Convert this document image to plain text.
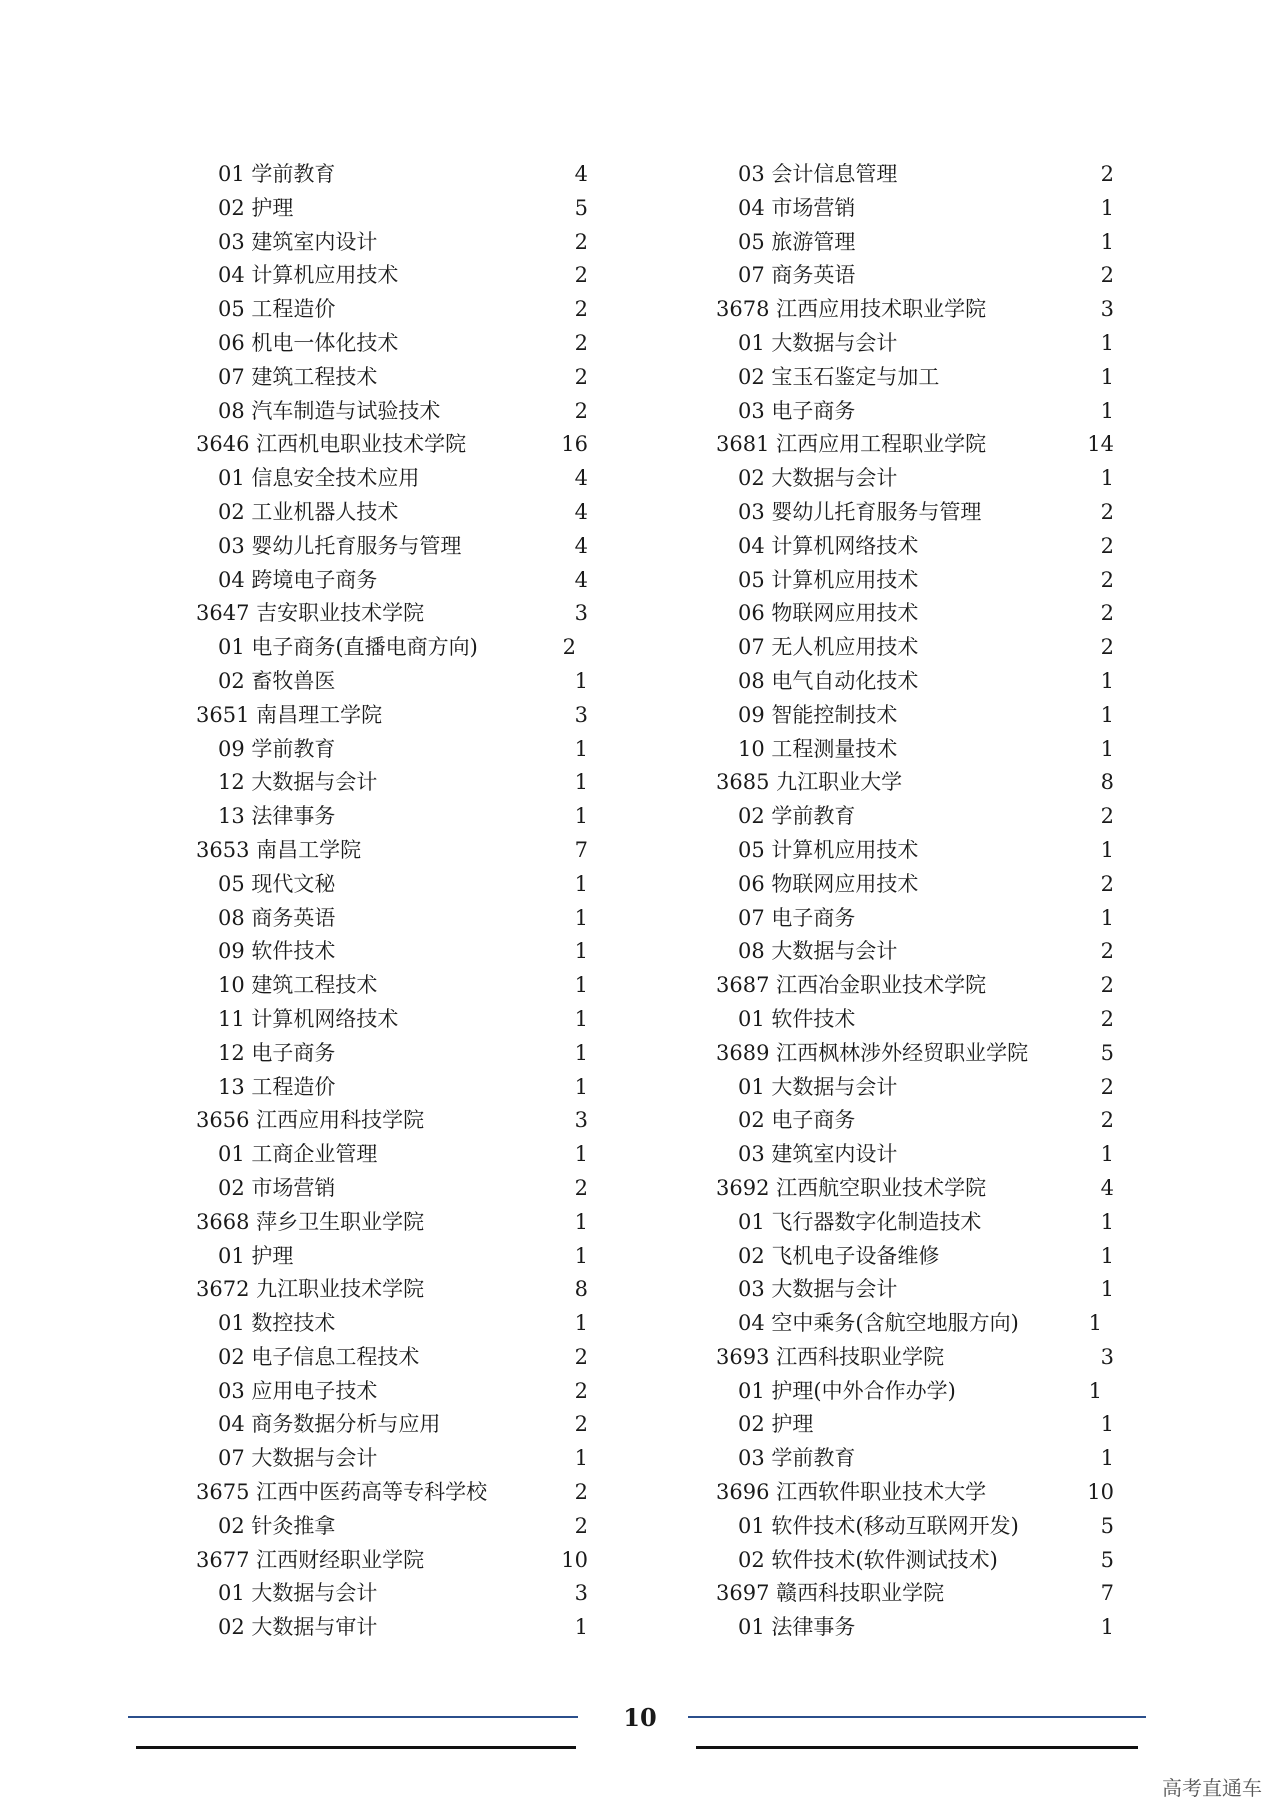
01 学前教育	4
02 护理	5
03 建筑室内设计	2
04 计算机应用技术	2
05 工程造价	2
06 机电一体化技术	2
07 建筑工程技术	2
08 汽车制造与试验技术	2
3646 江西机电职业技术学院	16
01 信息安全技术应用	4
02 工业机器人技术	4
03 婴幼儿托育服务与管理	4
04 跨境电子商务	4
3647 吉安职业技术学院	3
01 电子商务(直播电商方向)	2
02 畜牧兽医	1
3651 南昌理工学院	3
09 学前教育	1
12 大数据与会计	1
13 法律事务	1
3653 南昌工学院	7
05 现代文秘	1
08 商务英语	1
09 软件技术	1
10 建筑工程技术	1
11 计算机网络技术	1
12 电子商务	1
13 工程造价	1
3656 江西应用科技学院	3
01 工商企业管理	1
02 市场营销	2
3668 萍乡卫生职业学院	1
01 护理	1
3672 九江职业技术学院	8
01 数控技术	1
02 电子信息工程技术	2
03 应用电子技术	2
04 商务数据分析与应用	2
07 大数据与会计	1
3675 江西中医药高等专科学校	2
02 针灸推拿	2
3677 江西财经职业学院	10
01 大数据与会计	3
02 大数据与审计	1
03 会计信息管理	2
04 市场营销	1
05 旅游管理	1
07 商务英语	2
3678 江西应用技术职业学院	3
01 大数据与会计	1
02 宝玉石鉴定与加工	1
03 电子商务	1
3681 江西应用工程职业学院	14
02 大数据与会计	1
03 婴幼儿托育服务与管理	2
04 计算机网络技术	2
05 计算机应用技术	2
06 物联网应用技术	2
07 无人机应用技术	2
08 电气自动化技术	1
09 智能控制技术	1
10 工程测量技术	1
3685 九江职业大学	8
02 学前教育	2
05 计算机应用技术	1
06 物联网应用技术	2
07 电子商务	1
08 大数据与会计	2
3687 江西冶金职业技术学院	2
01 软件技术	2
3689 江西枫林涉外经贸职业学院	5
01 大数据与会计	2
02 电子商务	2
03 建筑室内设计	1
3692 江西航空职业技术学院	4
01 飞行器数字化制造技术	1
02 飞机电子设备维修	1
03 大数据与会计	1
04 空中乘务(含航空地服方向)	1
3693 江西科技职业学院	3
01 护理(中外合作办学)	1
02 护理	1
03 学前教育	1
3696 江西软件职业技术大学	10
01 软件技术(移动互联网开发)	5
02 软件技术(软件测试技术)	5
3697 赣西科技职业学院	7
01 法律事务	1
10
高考直通车
